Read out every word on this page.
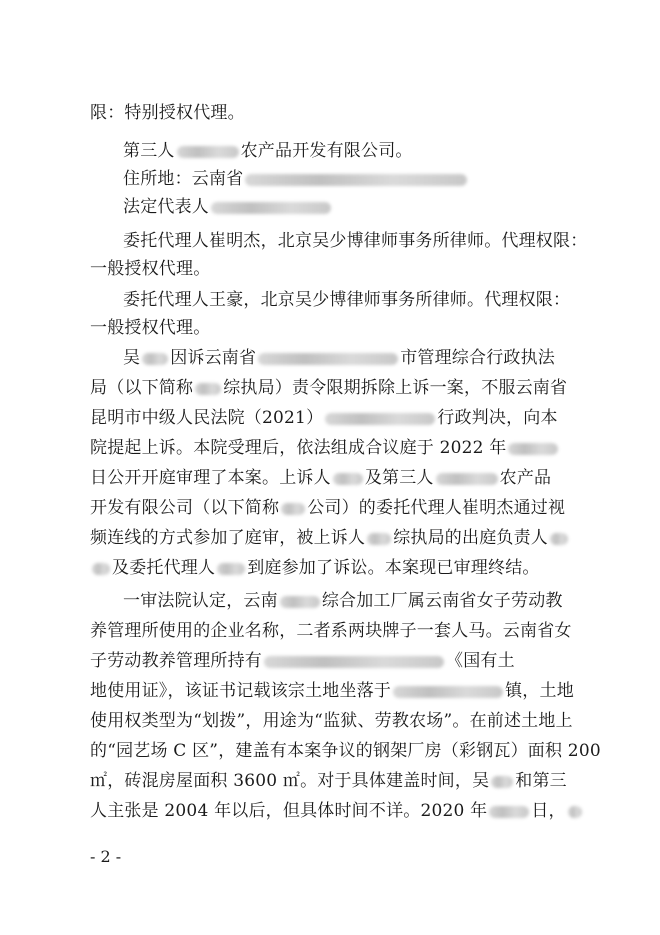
限：特别授权代理。
第三人	农产品开发有限公司。
住所地：云南省
法定代表人
委托代理人崔明杰，北京吴少博律师事务所律师。代理权限：
一般授权代理。
委托代理人王豪，北京吴少博律师事务所律师。代理权限：
一般授权代理。
吴 因诉云南省	市管理综合行政执法
局（以下简称 综执局）责令限期拆除上诉一案，不服云南省
昆明市中级人民法院（2021）	行政判决，向本
院提起上诉。本院受理后，依法组成合议庭于 2022 年
日公开开庭审理了本案。上诉人 及第三人	农产品
开发有限公司（以下简称 公司）的委托代理人崔明杰通过视
频连线的方式参加了庭审，被上诉人 综执局的出庭负责人
及委托代理人 到庭参加了诉讼。本案现已审理终结。
一审法院认定，云南	综合加工厂属云南省女子劳动教
养管理所使用的企业名称，二者系两块牌子一套人马。云南省女
子劳动教养管理所持有	《国有土
地使用证》，该证书记载该宗土地坐落于	镇，土地
使用权类型为“划拨”，用途为“监狱、劳教农场”。在前述土地上
的“园艺场 C 区”，建盖有本案争议的钢架厂房（彩钢瓦）面积 200
㎡，砖混房屋面积 3600 ㎡。对于具体建盖时间，吴 和第三
人主张是 2004 年以后，但具体时间不详。2020 年	日，
- 2 -
